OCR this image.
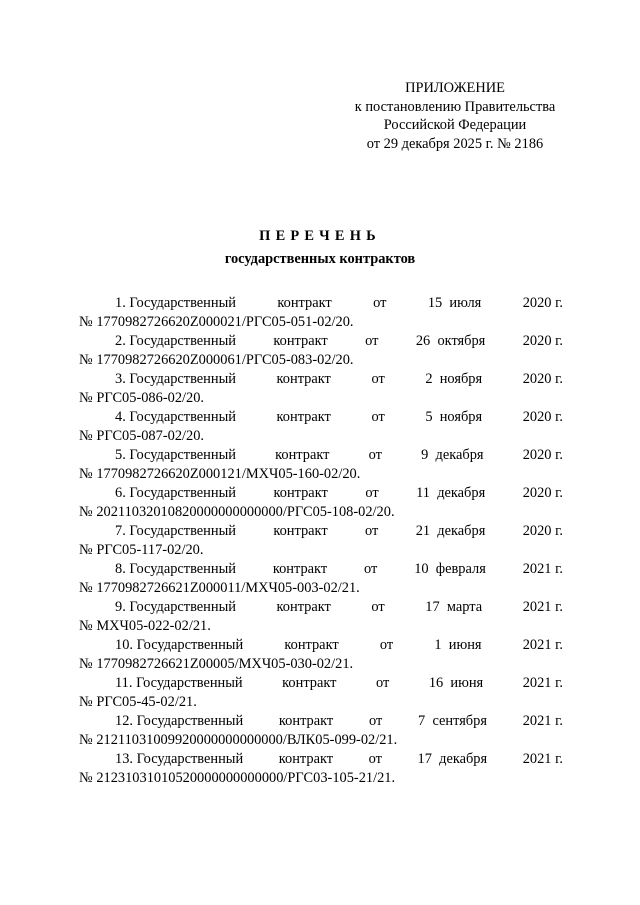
ПРИЛОЖЕНИЕ
к постановлению Правительства
Российской Федерации
от 29 декабря 2025 г. № 2186
ПЕРЕЧЕНЬ
государственных контрактов
1. Государственный	контракт	от	15  июля	2020 г.
№ 1770982726620Z000021/РГС05-051-02/20.
2. Государственный	контракт	от	26  октября	2020 г.
№ 1770982726620Z000061/РГС05-083-02/20.
3. Государственный	контракт	от	2  ноября	2020 г.
№ РГС05-086-02/20.
4. Государственный	контракт	от	5  ноября	2020 г.
№ РГС05-087-02/20.
5. Государственный	контракт	от	9  декабря	2020 г.
№ 1770982726620Z000121/МХЧ05-160-02/20.
6. Государственный	контракт	от	11  декабря	2020 г.
№ 20211032010820000000000000/РГС05-108-02/20.
7. Государственный	контракт	от	21  декабря	2020 г.
№ РГС05-117-02/20.
8. Государственный	контракт	от	10  февраля	2021 г.
№ 1770982726621Z000011/МХЧ05-003-02/21.
9. Государственный	контракт	от	17  марта	2021 г.
№ МХЧ05-022-02/21.
10. Государственный	контракт	от	1  июня	2021 г.
№ 1770982726621Z00005/МХЧ05-030-02/21.
11. Государственный	контракт	от	16  июня	2021 г.
№ РГС05-45-02/21.
12. Государственный контракт от 7  сентября 2021 г.
№ 21211031009920000000000000/ВЛК05-099-02/21.
13. Государственный контракт от 17  декабря 2021 г.
№ 21231031010520000000000000/РГС03-105-21/21.
